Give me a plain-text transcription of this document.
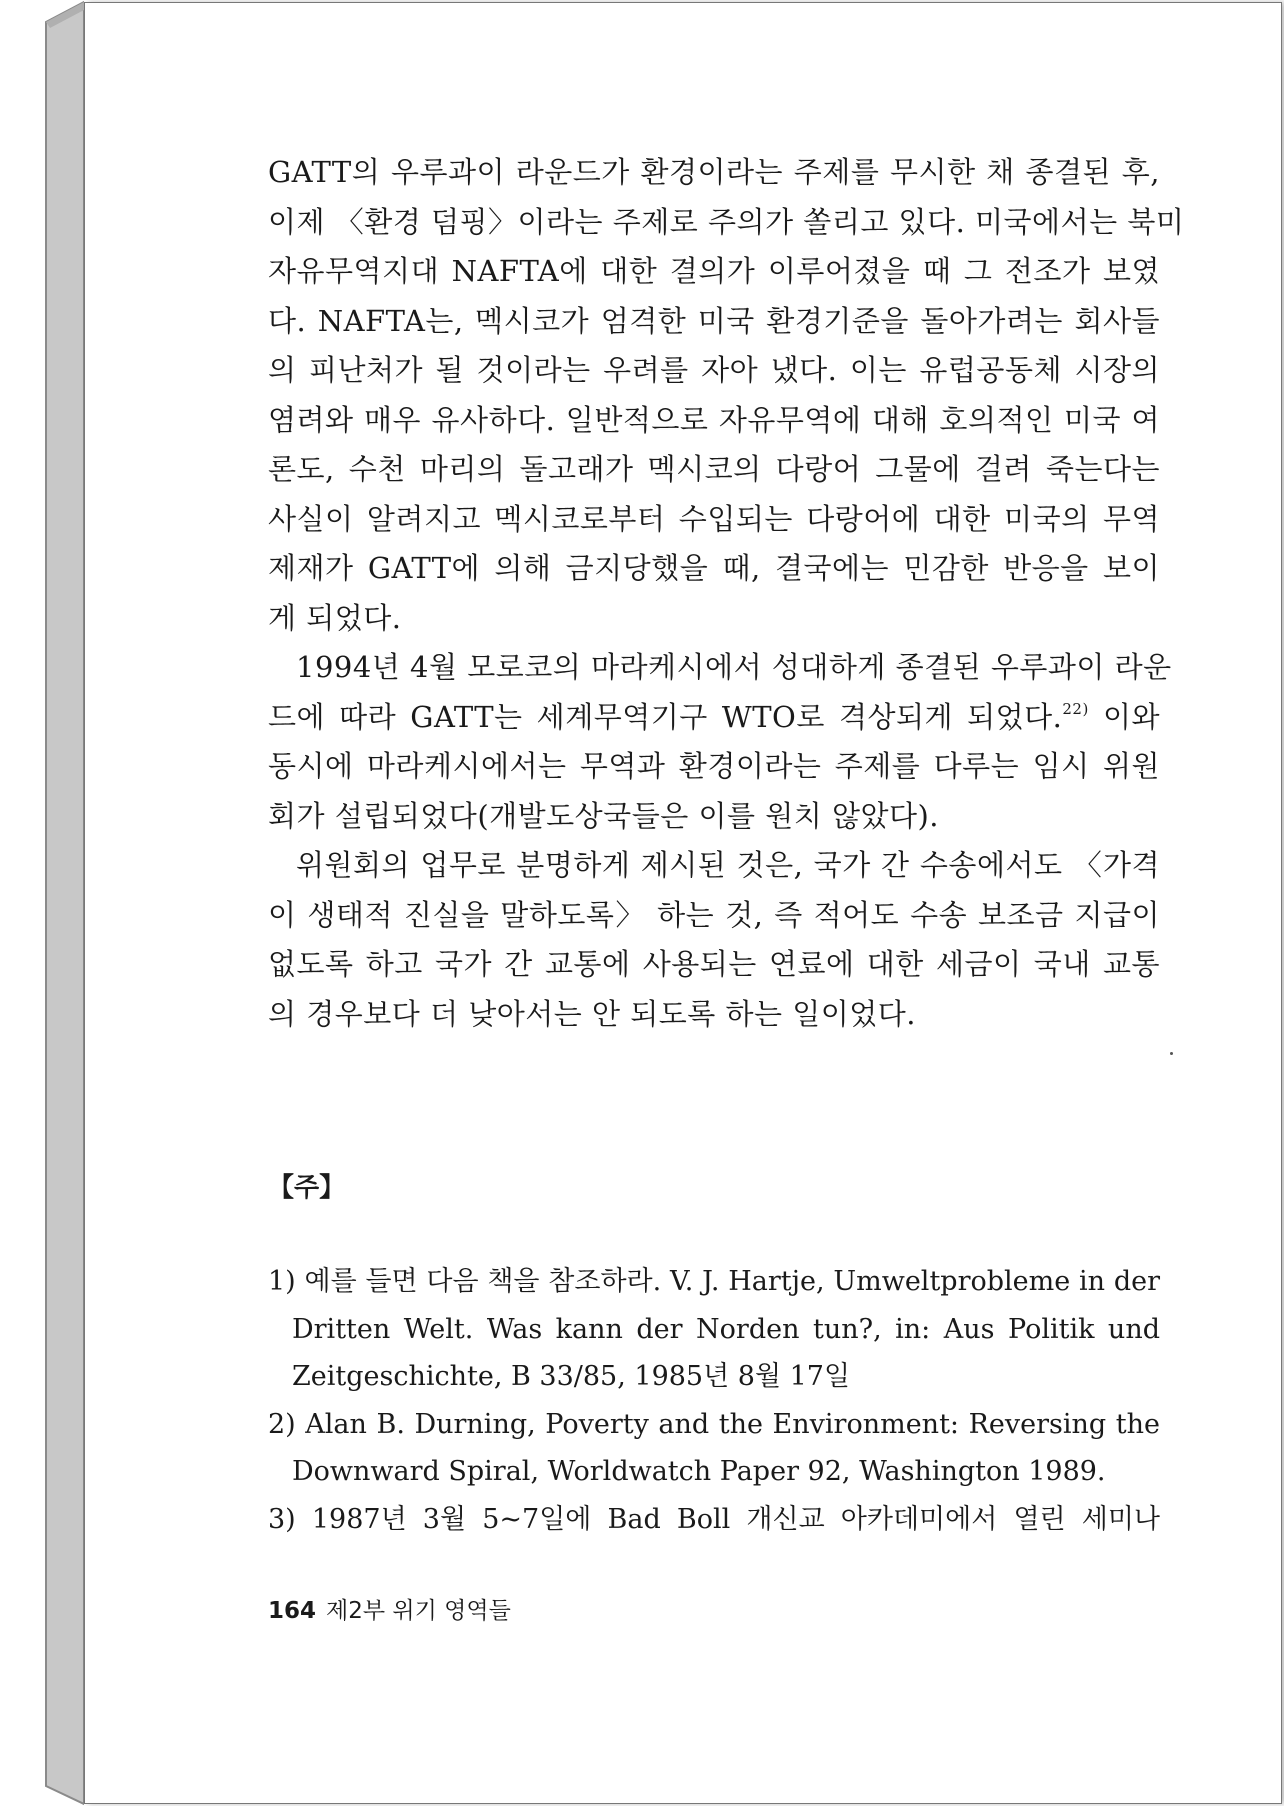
GATT의 우루과이 라운드가 환경이라는 주제를 무시한 채 종결된 후,
이제 〈환경 덤핑〉이라는 주제로 주의가 쏠리고 있다. 미국에서는 북미
자유무역지대 NAFTA에 대한 결의가 이루어졌을 때 그 전조가 보였
다. NAFTA는, 멕시코가 엄격한 미국 환경기준을 돌아가려는 회사들
의 피난처가 될 것이라는 우려를 자아 냈다. 이는 유럽공동체 시장의
염려와 매우 유사하다. 일반적으로 자유무역에 대해 호의적인 미국 여
론도, 수천 마리의 돌고래가 멕시코의 다랑어 그물에 걸려 죽는다는
사실이 알려지고 멕시코로부터 수입되는 다랑어에 대한 미국의 무역
제재가 GATT에 의해 금지당했을 때, 결국에는 민감한 반응을 보이
게 되었다.

1994년 4월 모로코의 마라케시에서 성대하게 종결된 우루과이 라운
드에 따라 GATT는 세계무역기구 WTO로 격상되게 되었다.$^{22)}$ 이와
동시에 마라케시에서는 무역과 환경이라는 주제를 다루는 임시 위원
회가 설립되었다(개발도상국들은 이를 원치 않았다).

위원회의 업무로 분명하게 제시된 것은, 국가 간 수송에서도 〈가격
이 생태적 진실을 말하도록〉 하는 것, 즉 적어도 수송 보조금 지급이
없도록 하고 국가 간 교통에 사용되는 연료에 대한 세금이 국내 교통
의 경우보다 더 낮아서는 안 되도록 하는 일이었다.

【주】
1) 예를 들면 다음 책을 참조하라. V. J. Hartje, Umweltprobleme in der
Dritten Welt. Was kann der Norden tun?, in: Aus Politik und
Zeitgeschichte, B 33/85, 1985년 8월 17일
2) Alan B. Durning, Poverty and the Environment: Reversing the
Downward Spiral, Worldwatch Paper 92, Washington 1989.
3) 1987년 3월 5~7일에 Bad Boll 개신교 아카데미에서 열린 세미나
164 제2부 위기 영역들
